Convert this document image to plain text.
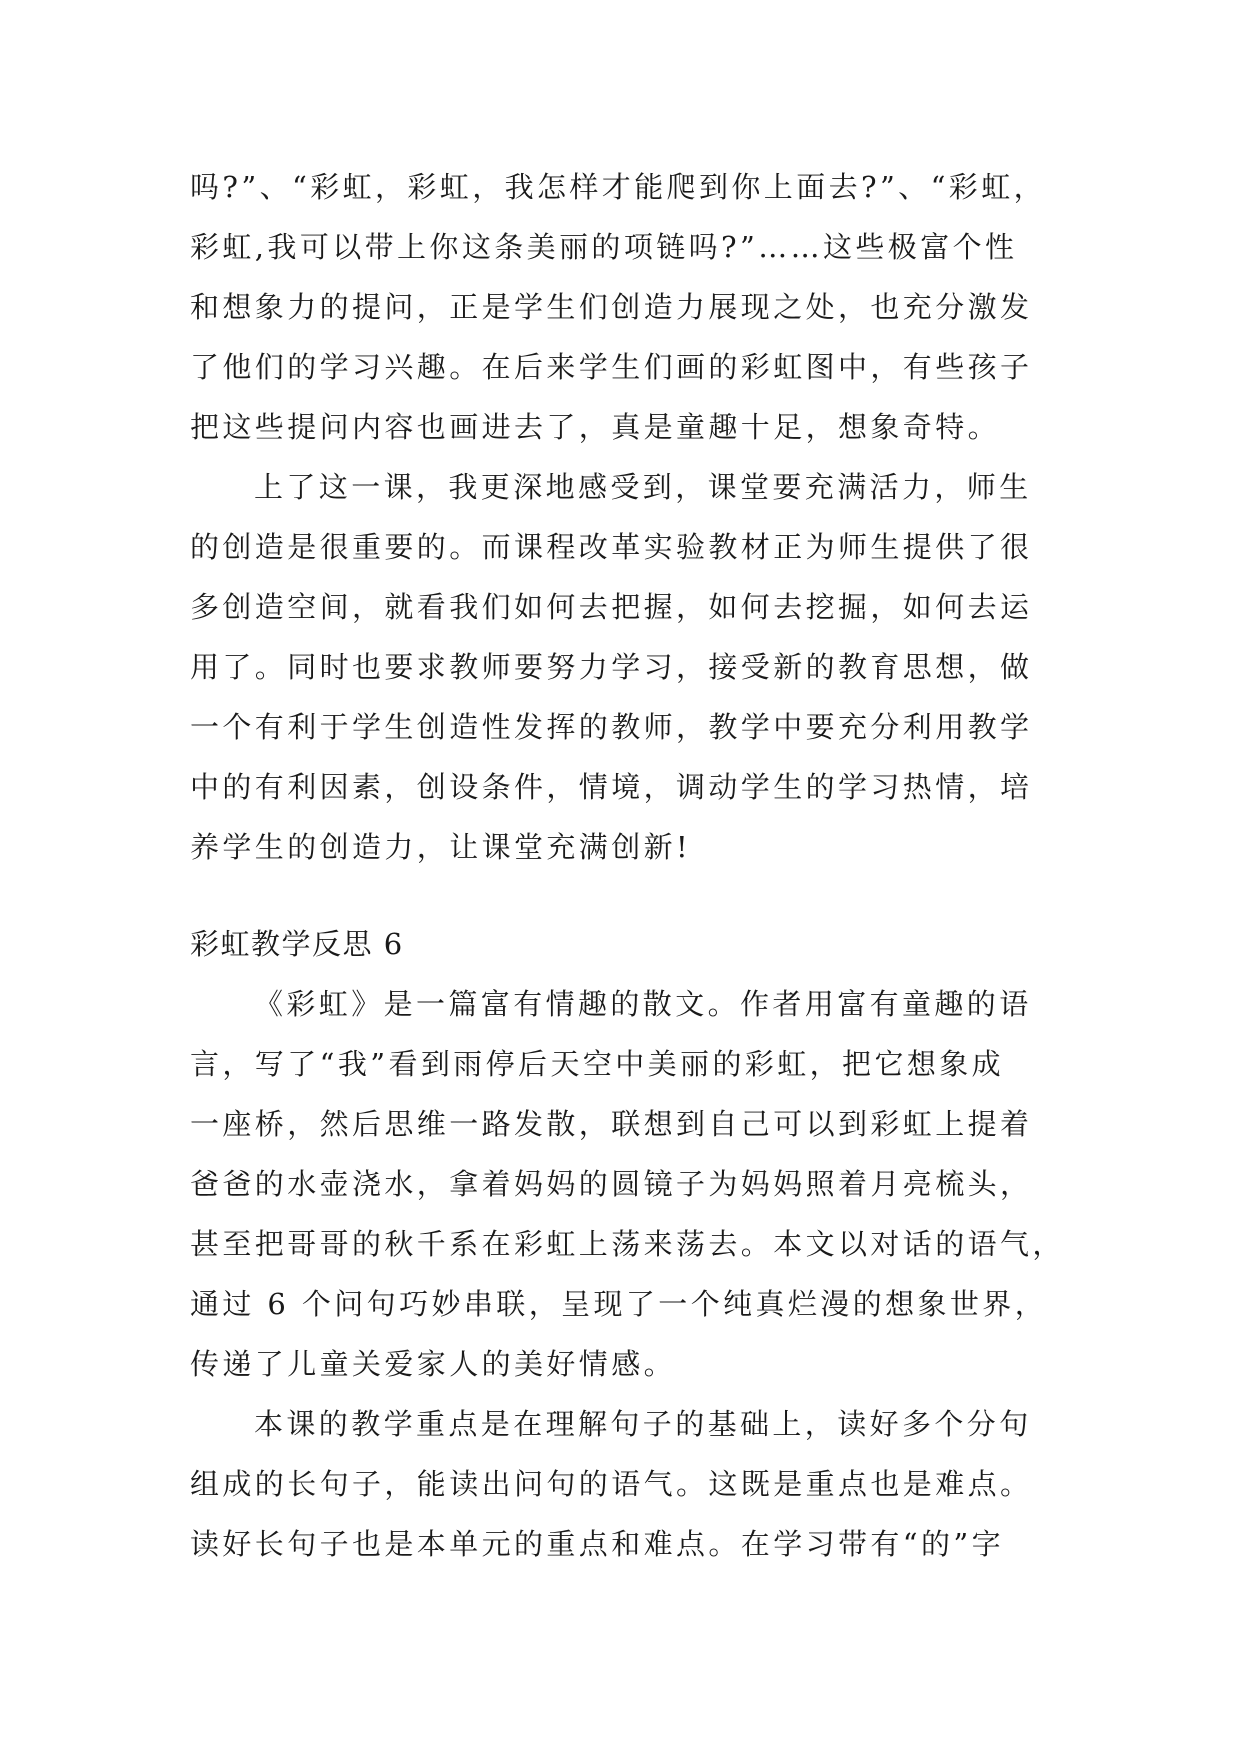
吗?”、“彩虹，彩虹，我怎样才能爬到你上面去?”、“彩虹，
彩虹,我可以带上你这条美丽的项链吗?”……这些极富个性
和想象力的提问，正是学生们创造力展现之处，也充分激发
了他们的学习兴趣。在后来学生们画的彩虹图中，有些孩子
把这些提问内容也画进去了，真是童趣十足，想象奇特。
上了这一课，我更深地感受到，课堂要充满活力，师生
的创造是很重要的。而课程改革实验教材正为师生提供了很
多创造空间，就看我们如何去把握，如何去挖掘，如何去运
用了。同时也要求教师要努力学习，接受新的教育思想，做
一个有利于学生创造性发挥的教师，教学中要充分利用教学
中的有利因素，创设条件，情境，调动学生的学习热情，培
养学生的创造力，让课堂充满创新!
彩虹教学反思 6
《彩虹》是一篇富有情趣的散文。作者用富有童趣的语
言，写了“我”看到雨停后天空中美丽的彩虹，把它想象成
一座桥，然后思维一路发散，联想到自己可以到彩虹上提着
爸爸的水壶浇水，拿着妈妈的圆镜子为妈妈照着月亮梳头，
甚至把哥哥的秋千系在彩虹上荡来荡去。本文以对话的语气，
通过 6 个问句巧妙串联，呈现了一个纯真烂漫的想象世界，
传递了儿童关爱家人的美好情感。
本课的教学重点是在理解句子的基础上，读好多个分句
组成的长句子，能读出问句的语气。这既是重点也是难点。
读好长句子也是本单元的重点和难点。在学习带有“的”字
